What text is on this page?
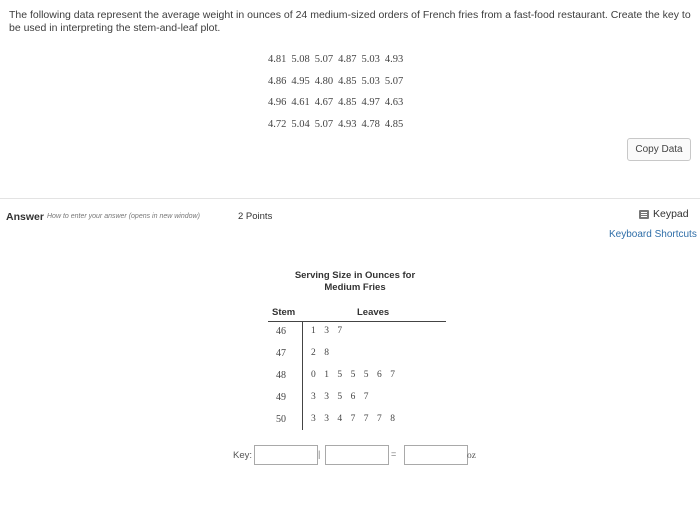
The following data represent the average weight in ounces of 24 medium-sized orders of French fries from a fast-food restaurant. Create the key to be used in interpreting the stem-and-leaf plot.
4.81 5.08 5.07 4.87 5.03 4.93
4.86 4.95 4.80 4.85 5.03 5.07
4.96 4.61 4.67 4.85 4.97 4.63
4.72 5.04 5.07 4.93 4.78 4.85
Copy Data
Answer How to enter your answer (opens in new window)	2 Points	Keypad
Keyboard Shortcuts
Serving Size in Ounces for
Medium Fries
Stem	Leaves
46	1 3 7
47	2 8
48	0 1 5 5 5 6 7
49	3 3 5 6 7
50	3 3 4 7 7 7 8
Key:	|	=	oz
